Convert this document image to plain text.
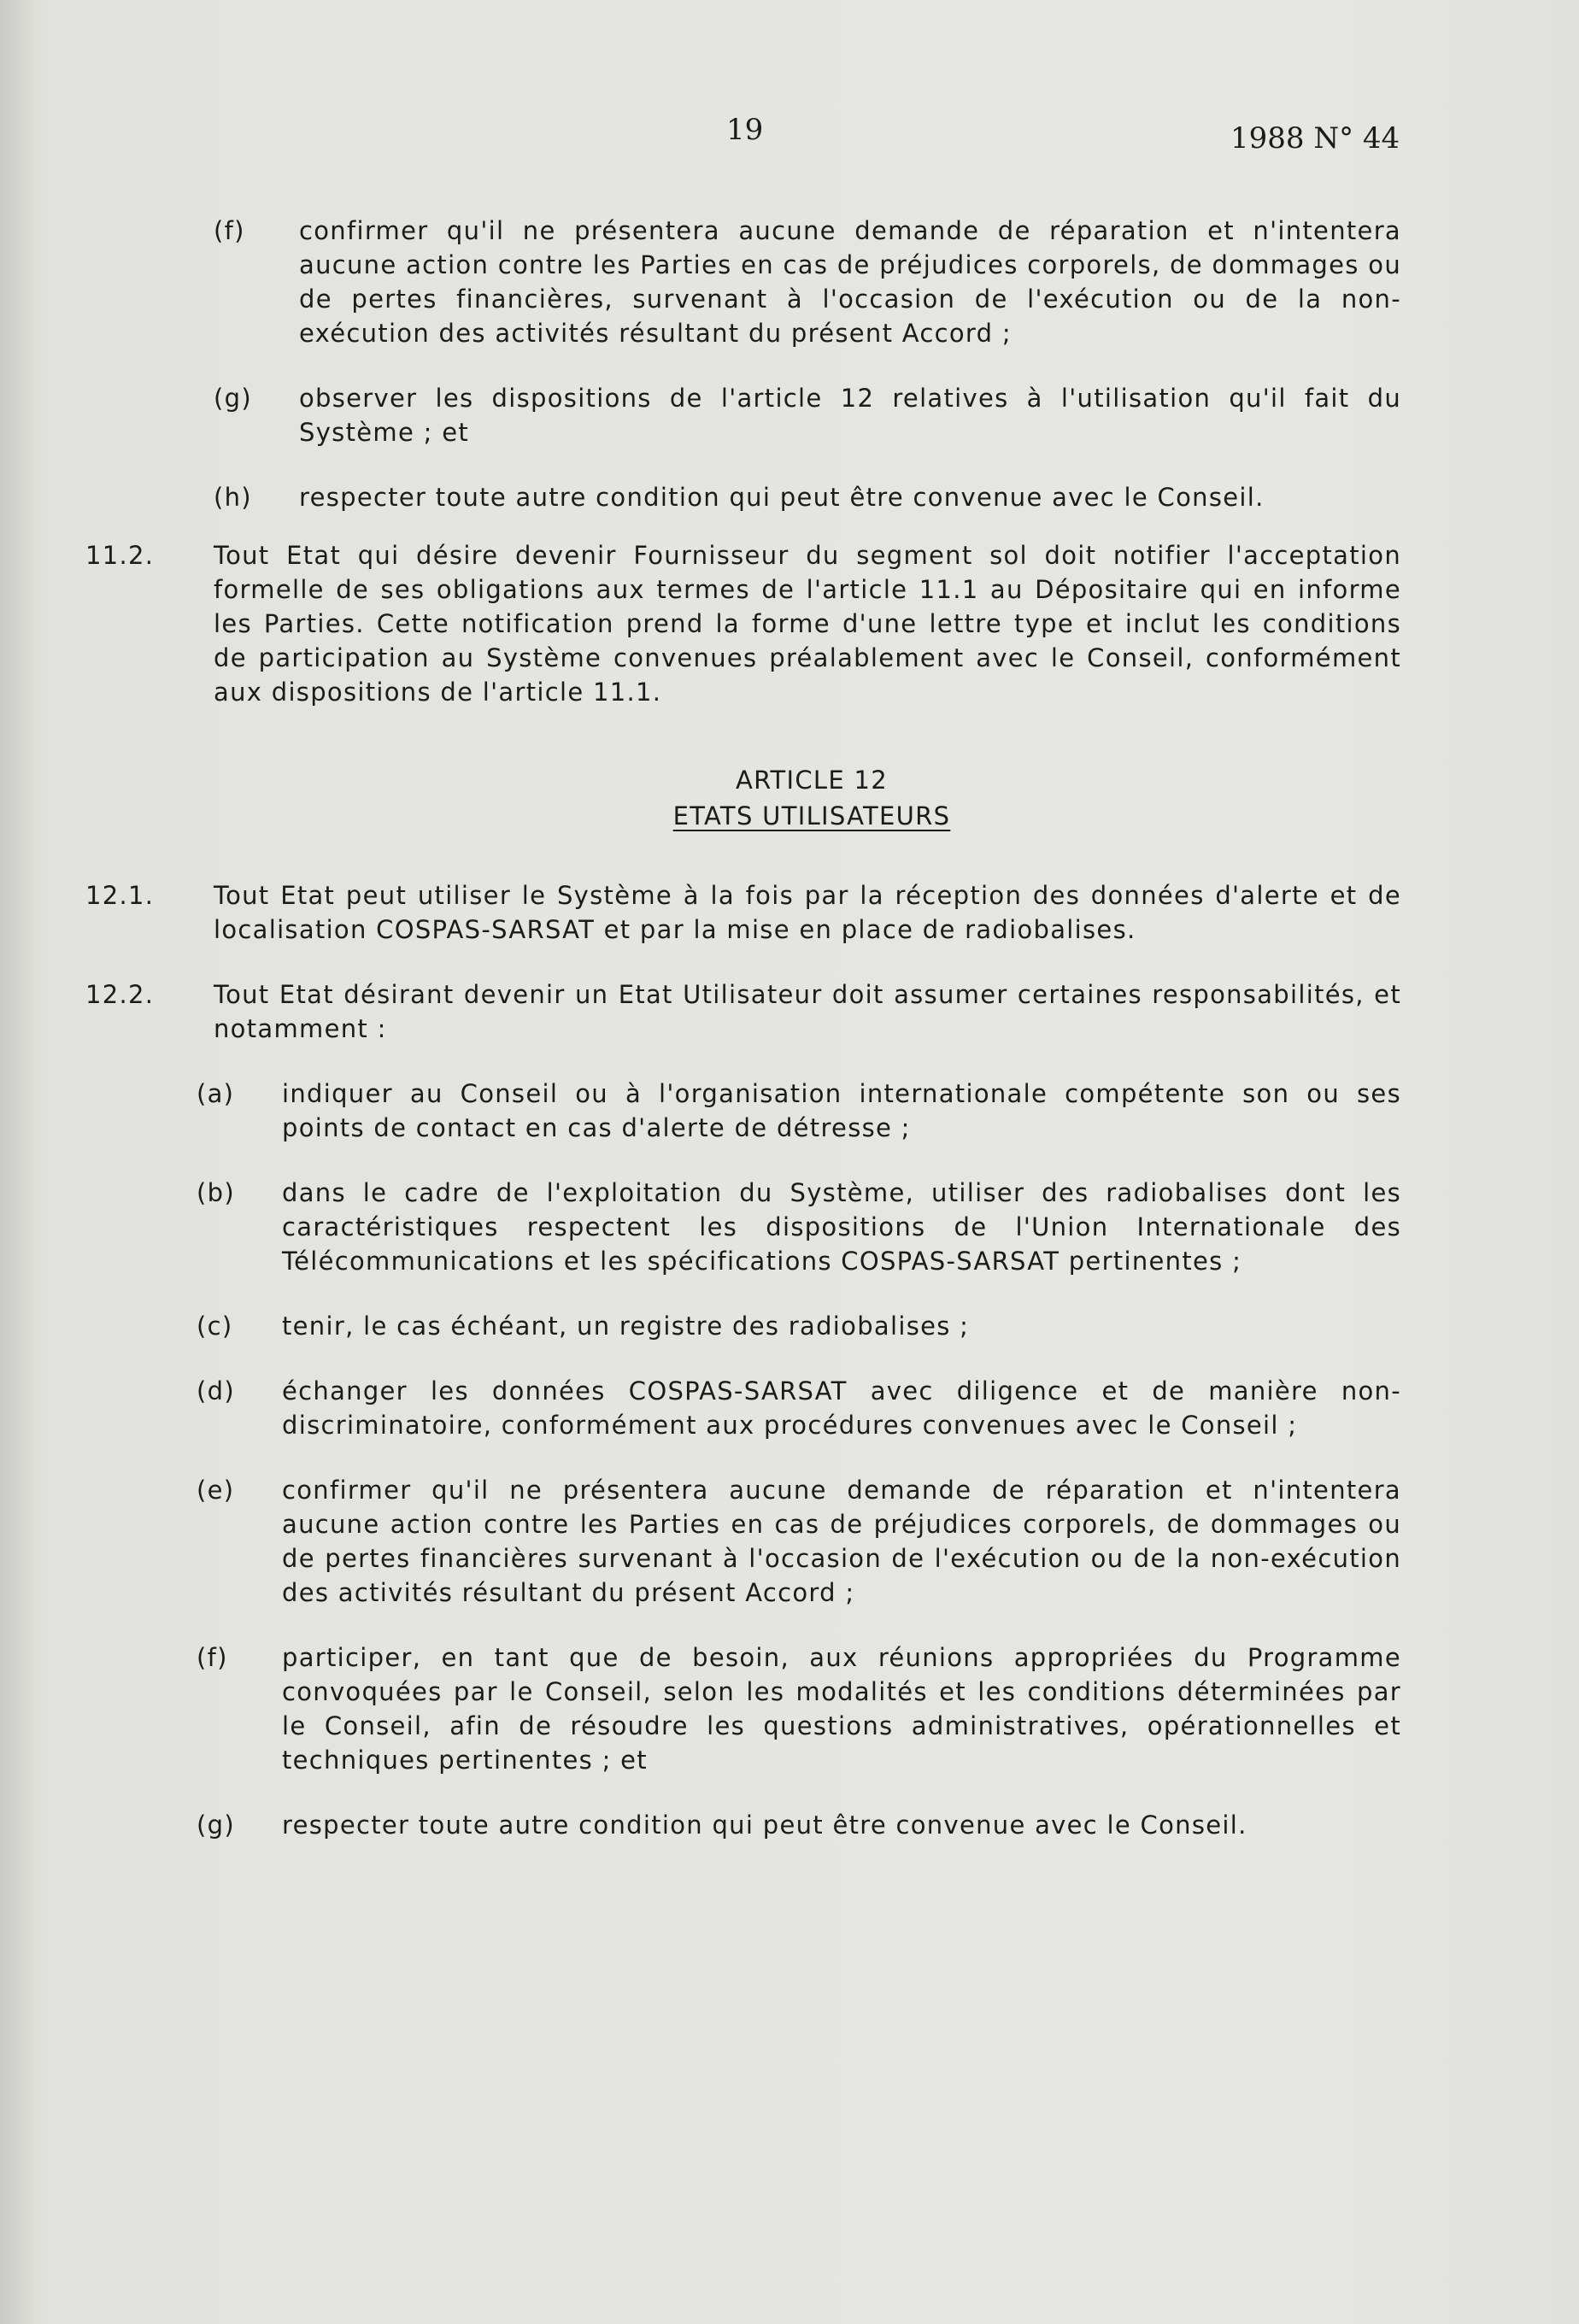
19	1988 N° 44
(f) confirmer qu'il ne présentera aucune demande de réparation et n'intentera aucune action contre les Parties en cas de préjudices corporels, de dommages ou de pertes financières, survenant à l'occasion de l'exécution ou de la non-exécution des activités résultant du présent Accord ;
(g) observer les dispositions de l'article 12 relatives à l'utilisation qu'il fait du Système ; et
(h) respecter toute autre condition qui peut être convenue avec le Conseil.
11.2. Tout Etat qui désire devenir Fournisseur du segment sol doit notifier l'acceptation formelle de ses obligations aux termes de l'article 11.1 au Dépositaire qui en informe les Parties. Cette notification prend la forme d'une lettre type et inclut les conditions de participation au Système convenues préalablement avec le Conseil, conformément aux dispositions de l'article 11.1.
ARTICLE 12
ETATS UTILISATEURS
12.1. Tout Etat peut utiliser le Système à la fois par la réception des données d'alerte et de localisation COSPAS-SARSAT et par la mise en place de radiobalises.
12.2. Tout Etat désirant devenir un Etat Utilisateur doit assumer certaines responsabilités, et notamment :
(a) indiquer au Conseil ou à l'organisation internationale compétente son ou ses points de contact en cas d'alerte de détresse ;
(b) dans le cadre de l'exploitation du Système, utiliser des radiobalises dont les caractéristiques respectent les dispositions de l'Union Internationale des Télécommunications et les spécifications COSPAS-SARSAT pertinentes ;
(c) tenir, le cas échéant, un registre des radiobalises ;
(d) échanger les données COSPAS-SARSAT avec diligence et de manière non-discriminatoire, conformément aux procédures convenues avec le Conseil ;
(e) confirmer qu'il ne présentera aucune demande de réparation et n'intentera aucune action contre les Parties en cas de préjudices corporels, de dommages ou de pertes financières survenant à l'occasion de l'exécution ou de la non-exécution des activités résultant du présent Accord ;
(f) participer, en tant que de besoin, aux réunions appropriées du Programme convoquées par le Conseil, selon les modalités et les conditions déterminées par le Conseil, afin de résoudre les questions administratives, opérationnelles et techniques pertinentes ; et
(g) respecter toute autre condition qui peut être convenue avec le Conseil.
